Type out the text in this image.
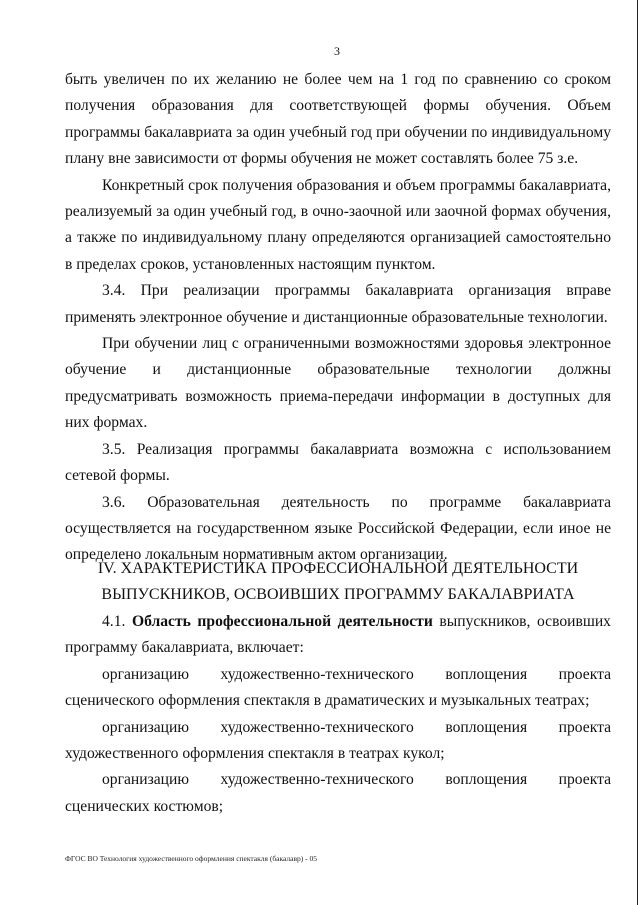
3

быть увеличен по их желанию не более чем на 1 год по сравнению со сроком получения образования для соответствующей формы обучения. Объем программы бакалавриата за один учебный год при обучении по индивидуальному плану вне зависимости от формы обучения не может составлять более 75 з.е.

Конкретный срок получения образования и объем программы бакалавриата, реализуемый за один учебный год, в очно-заочной или заочной формах обучения, а также по индивидуальному плану определяются организацией самостоятельно в пределах сроков, установленных настоящим пунктом.

3.4. При реализации программы бакалавриата организация вправе применять электронное обучение и дистанционные образовательные технологии.

При обучении лиц с ограниченными возможностями здоровья электронное обучение и дистанционные образовательные технологии должны предусматривать возможность приема-передачи информации в доступных для них формах.

3.5. Реализация программы бакалавриата возможна с использованием сетевой формы.

3.6. Образовательная деятельность по программе бакалавриата осуществляется на государственном языке Российской Федерации, если иное не определено локальным нормативным актом организации.

IV. ХАРАКТЕРИСТИКА ПРОФЕССИОНАЛЬНОЙ ДЕЯТЕЛЬНОСТИ

ВЫПУСКНИКОВ, ОСВОИВШИХ ПРОГРАММУ БАКАЛАВРИАТА

4.1. Область профессиональной деятельности выпускников, освоивших программу бакалавриата, включает:

организацию художественно-технического воплощения проекта сценического оформления спектакля в драматических и музыкальных театрах;

организацию художественно-технического воплощения проекта художественного оформления спектакля в театрах кукол;

организацию художественно-технического воплощения проекта сценических костюмов;

ФГОС ВО Технология художественного оформления спектакля (бакалавр) - 05
